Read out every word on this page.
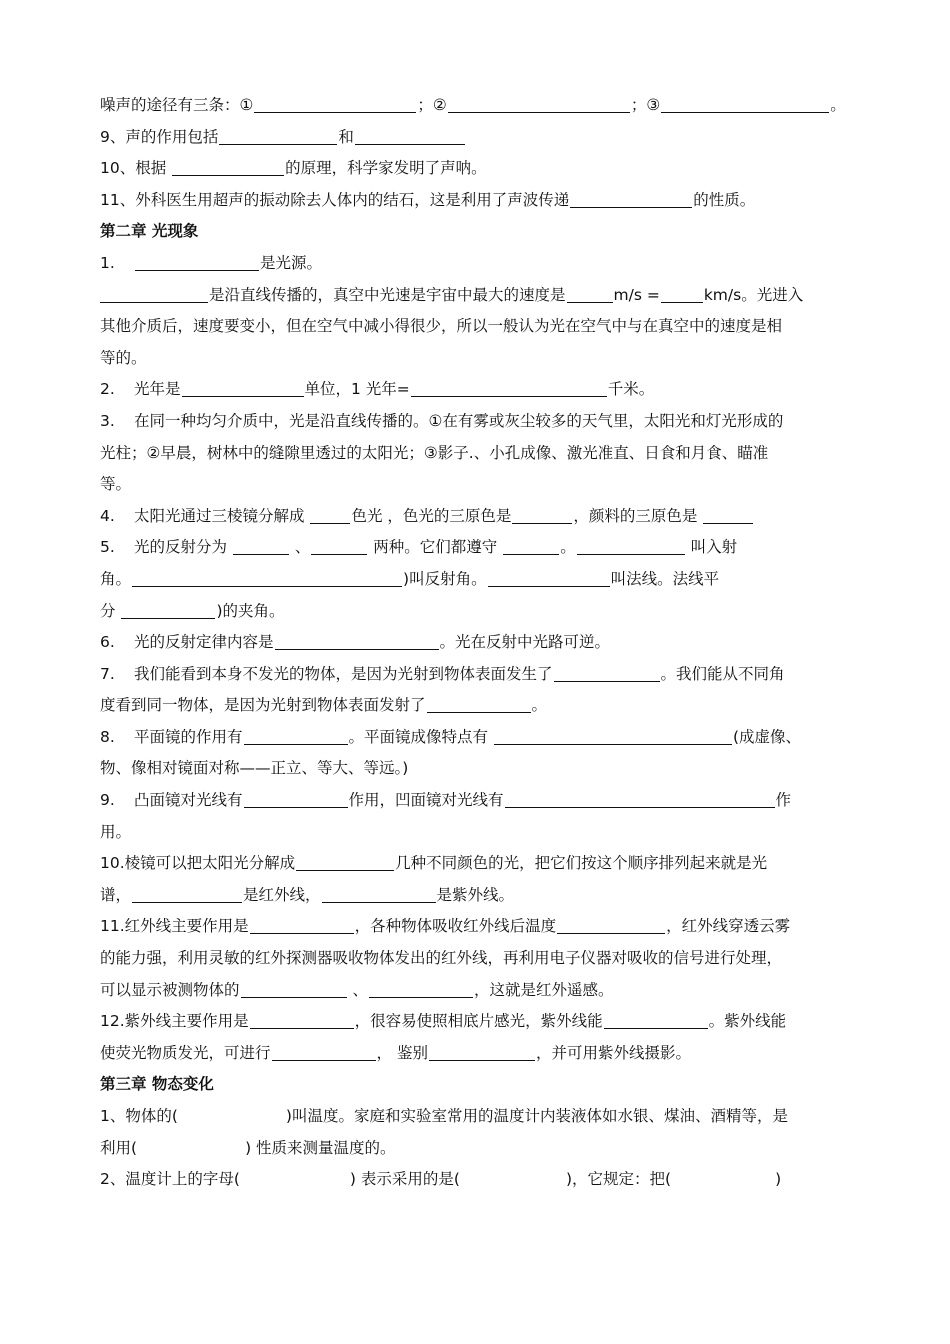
噪声的途径有三条：①	；②	；③	。
9、声的作用包括	和
10、根据	的原理，科学家发明了声呐。
11、外科医生用超声的振动除去人体内的结石，这是利用了声波传递	的性质。
第二章 光现象
1.	是光源。
是沿直线传播的，真空中光速是宇宙中最大的速度是	m/s =	km/s。光进入
其他介质后，速度要变小，但在空气中减小得很少，所以一般认为光在空气中与在真空中的速度是相
等的。
2. 光年是	单位，1 光年=	千米。
3. 在同一种均匀介质中，光是沿直线传播的。①在有雾或灰尘较多的天气里，太阳光和灯光形成的
光柱；②早晨，树林中的缝隙里透过的太阳光；③影子.、小孔成像、激光准直、日食和月食、瞄准
等。
4. 太阳光通过三棱镜分解成	色光 ，色光的三原色是	，颜料的三原色是
5. 光的反射分为	、	两种。它们都遵守	。	叫入射
角。	)叫反射角。	叫法线。法线平
分	)的夹角。
6. 光的反射定律内容是	。光在反射中光路可逆。
7. 我们能看到本身不发光的物体，是因为光射到物体表面发生了	。我们能从不同角
度看到同一物体，是因为光射到物体表面发射了	。
8. 平面镜的作用有	。平面镜成像特点有	(成虚像、
物、像相对镜面对称——正立、等大、等远。)
9. 凸面镜对光线有	作用，凹面镜对光线有	作
用。
10.棱镜可以把太阳光分解成	几种不同颜色的光，把它们按这个顺序排列起来就是光
谱，	是红外线，	是紫外线。
11.红外线主要作用是	，各种物体吸收红外线后温度	，红外线穿透云雾
的能力强，利用灵敏的红外探测器吸收物体发出的红外线，再利用电子仪器对吸收的信号进行处理，
可以显示被测物体的	、	，这就是红外遥感。
12.紫外线主要作用是	，很容易使照相底片感光，紫外线能	。紫外线能
使荧光物质发光，可进行	， 鉴别	，并可用紫外线摄影。
第三章 物态变化
1、物体的(	)叫温度。家庭和实验室常用的温度计内装液体如水银、煤油、酒精等，是
利用(	) 性质来测量温度的。
2、温度计上的字母(	) 表示采用的是(	)，它规定：把(	)
